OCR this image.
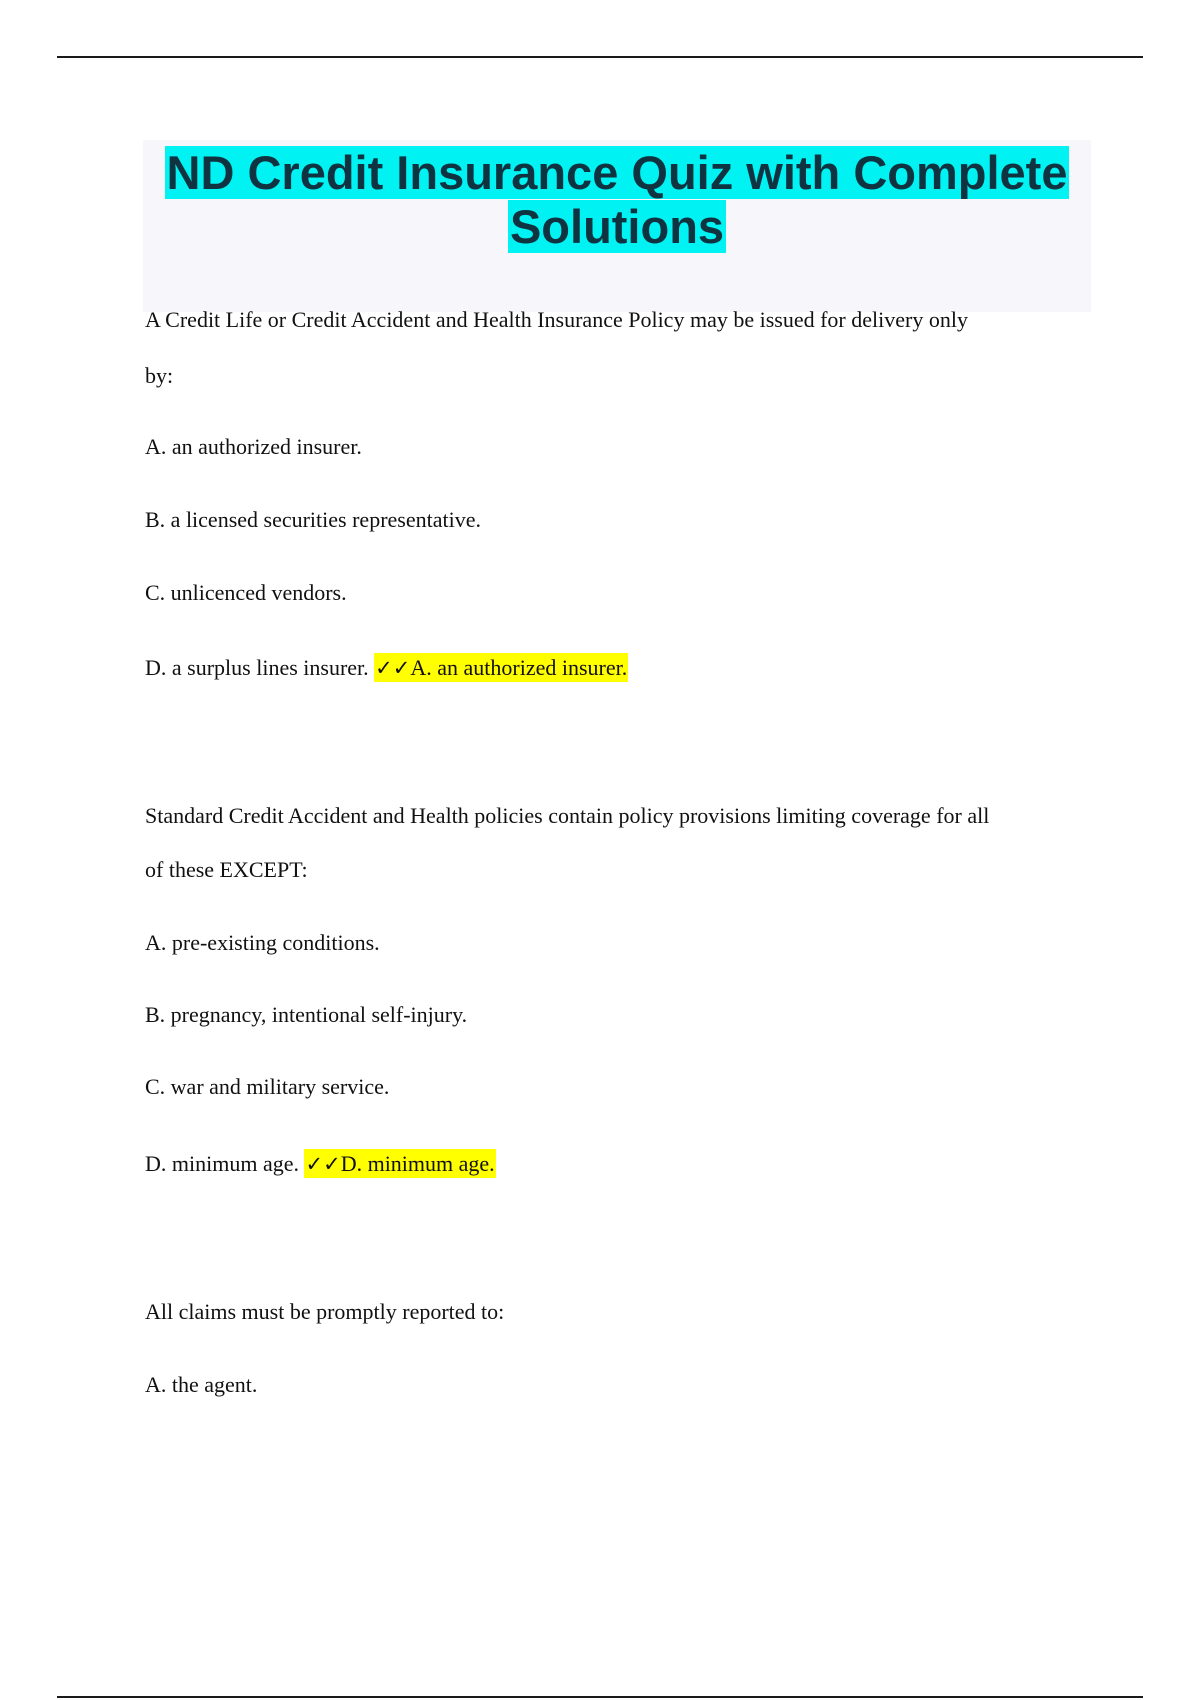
ND Credit Insurance Quiz with Complete
Solutions

A Credit Life or Credit Accident and Health Insurance Policy may be issued for delivery only

by:

A. an authorized insurer.

B. a licensed securities representative.

C. unlicenced vendors.

D. a surplus lines insurer. ✓✓A. an authorized insurer.

Standard Credit Accident and Health policies contain policy provisions limiting coverage for all

of these EXCEPT:

A. pre-existing conditions.

B. pregnancy, intentional self-injury.

C. war and military service.

D. minimum age. ✓✓D. minimum age.

All claims must be promptly reported to:

A. the agent.
